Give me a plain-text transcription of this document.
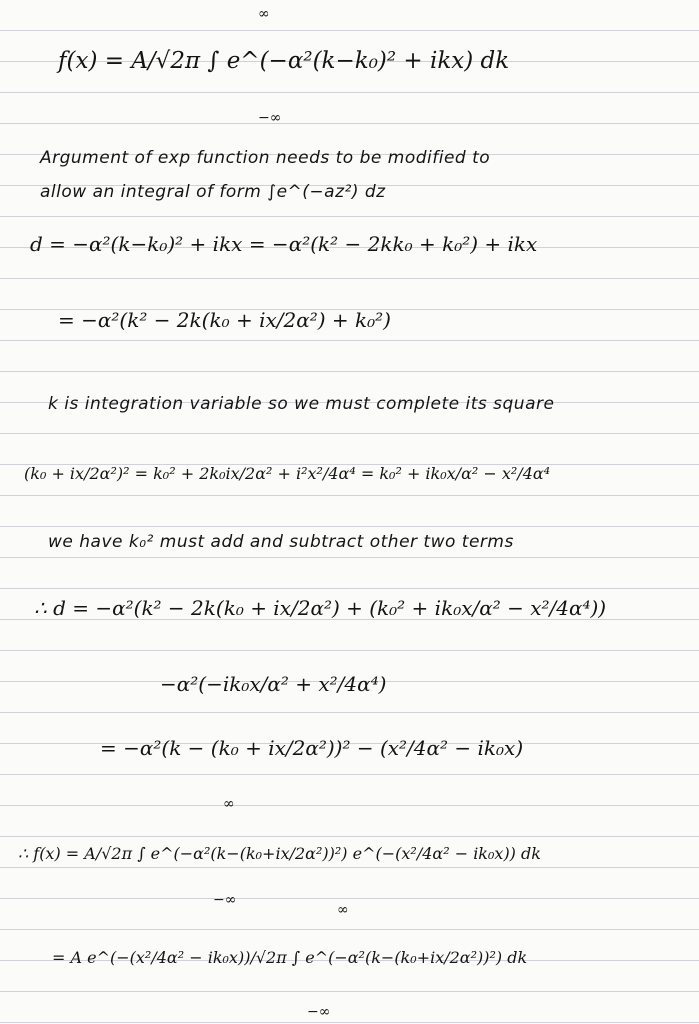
∞
−∞
f(x) = A/√2π ∫ e^(−α²(k−k₀)² + ikx) dk
Argument of exp function needs to be modified to
allow an integral of form ∫e^(−az²) dz
d = −α²(k−k₀)² + ikx = −α²(k² − 2kk₀ + k₀²) + ikx
= −α²(k² − 2k(k₀ + ix/2α²) + k₀²)
k is integration variable so we must complete its square
(k₀ + ix/2α²)² = k₀² + 2k₀ix/2α² + i²x²/4α⁴ = k₀² + ik₀x/α² − x²/4α⁴
we have k₀² must add and subtract other two terms
∴ d = −α²(k² − 2k(k₀ + ix/2α²) + (k₀² + ik₀x/α² − x²/4α⁴))
−α²(−ik₀x/α² + x²/4α⁴)
= −α²(k − (k₀ + ix/2α²))² − (x²/4α² − ik₀x)
∞
−∞
∴ f(x) = A/√2π ∫ e^(−α²(k−(k₀+ix/2α²))²) e^(−(x²/4α² − ik₀x)) dk
∞
−∞
= A e^(−(x²/4α² − ik₀x))/√2π ∫ e^(−α²(k−(k₀+ix/2α²))²) dk
